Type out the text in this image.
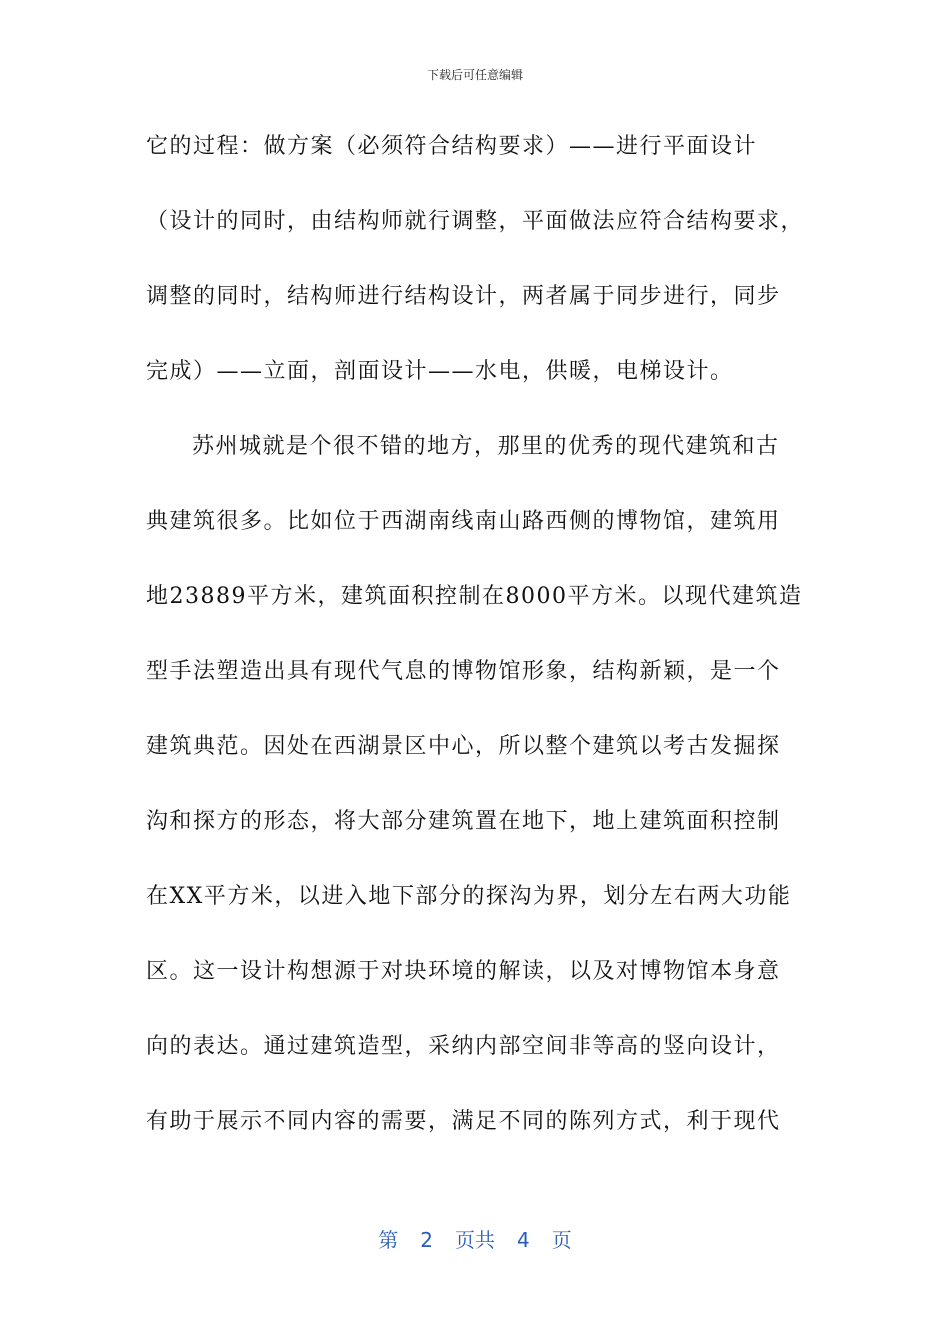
下载后可任意编辑
它的过程：做方案（必须符合结构要求）——进行平面设计
（设计的同时，由结构师就行调整，平面做法应符合结构要求，
调整的同时，结构师进行结构设计，两者属于同步进行，同步
完成）——立面，剖面设计——水电，供暖，电梯设计。
苏州城就是个很不错的地方，那里的优秀的现代建筑和古
典建筑很多。比如位于西湖南线南山路西侧的博物馆，建筑用
地23889平方米，建筑面积控制在8000平方米。以现代建筑造
型手法塑造出具有现代气息的博物馆形象，结构新颖，是一个
建筑典范。因处在西湖景区中心，所以整个建筑以考古发掘探
沟和探方的形态，将大部分建筑置在地下，地上建筑面积控制
在XX平方米，以进入地下部分的探沟为界，划分左右两大功能
区。这一设计构想源于对块环境的解读，以及对博物馆本身意
向的表达。通过建筑造型，采纳内部空间非等高的竖向设计，
有助于展示不同内容的需要，满足不同的陈列方式，利于现代
第 2 页共 4 页
